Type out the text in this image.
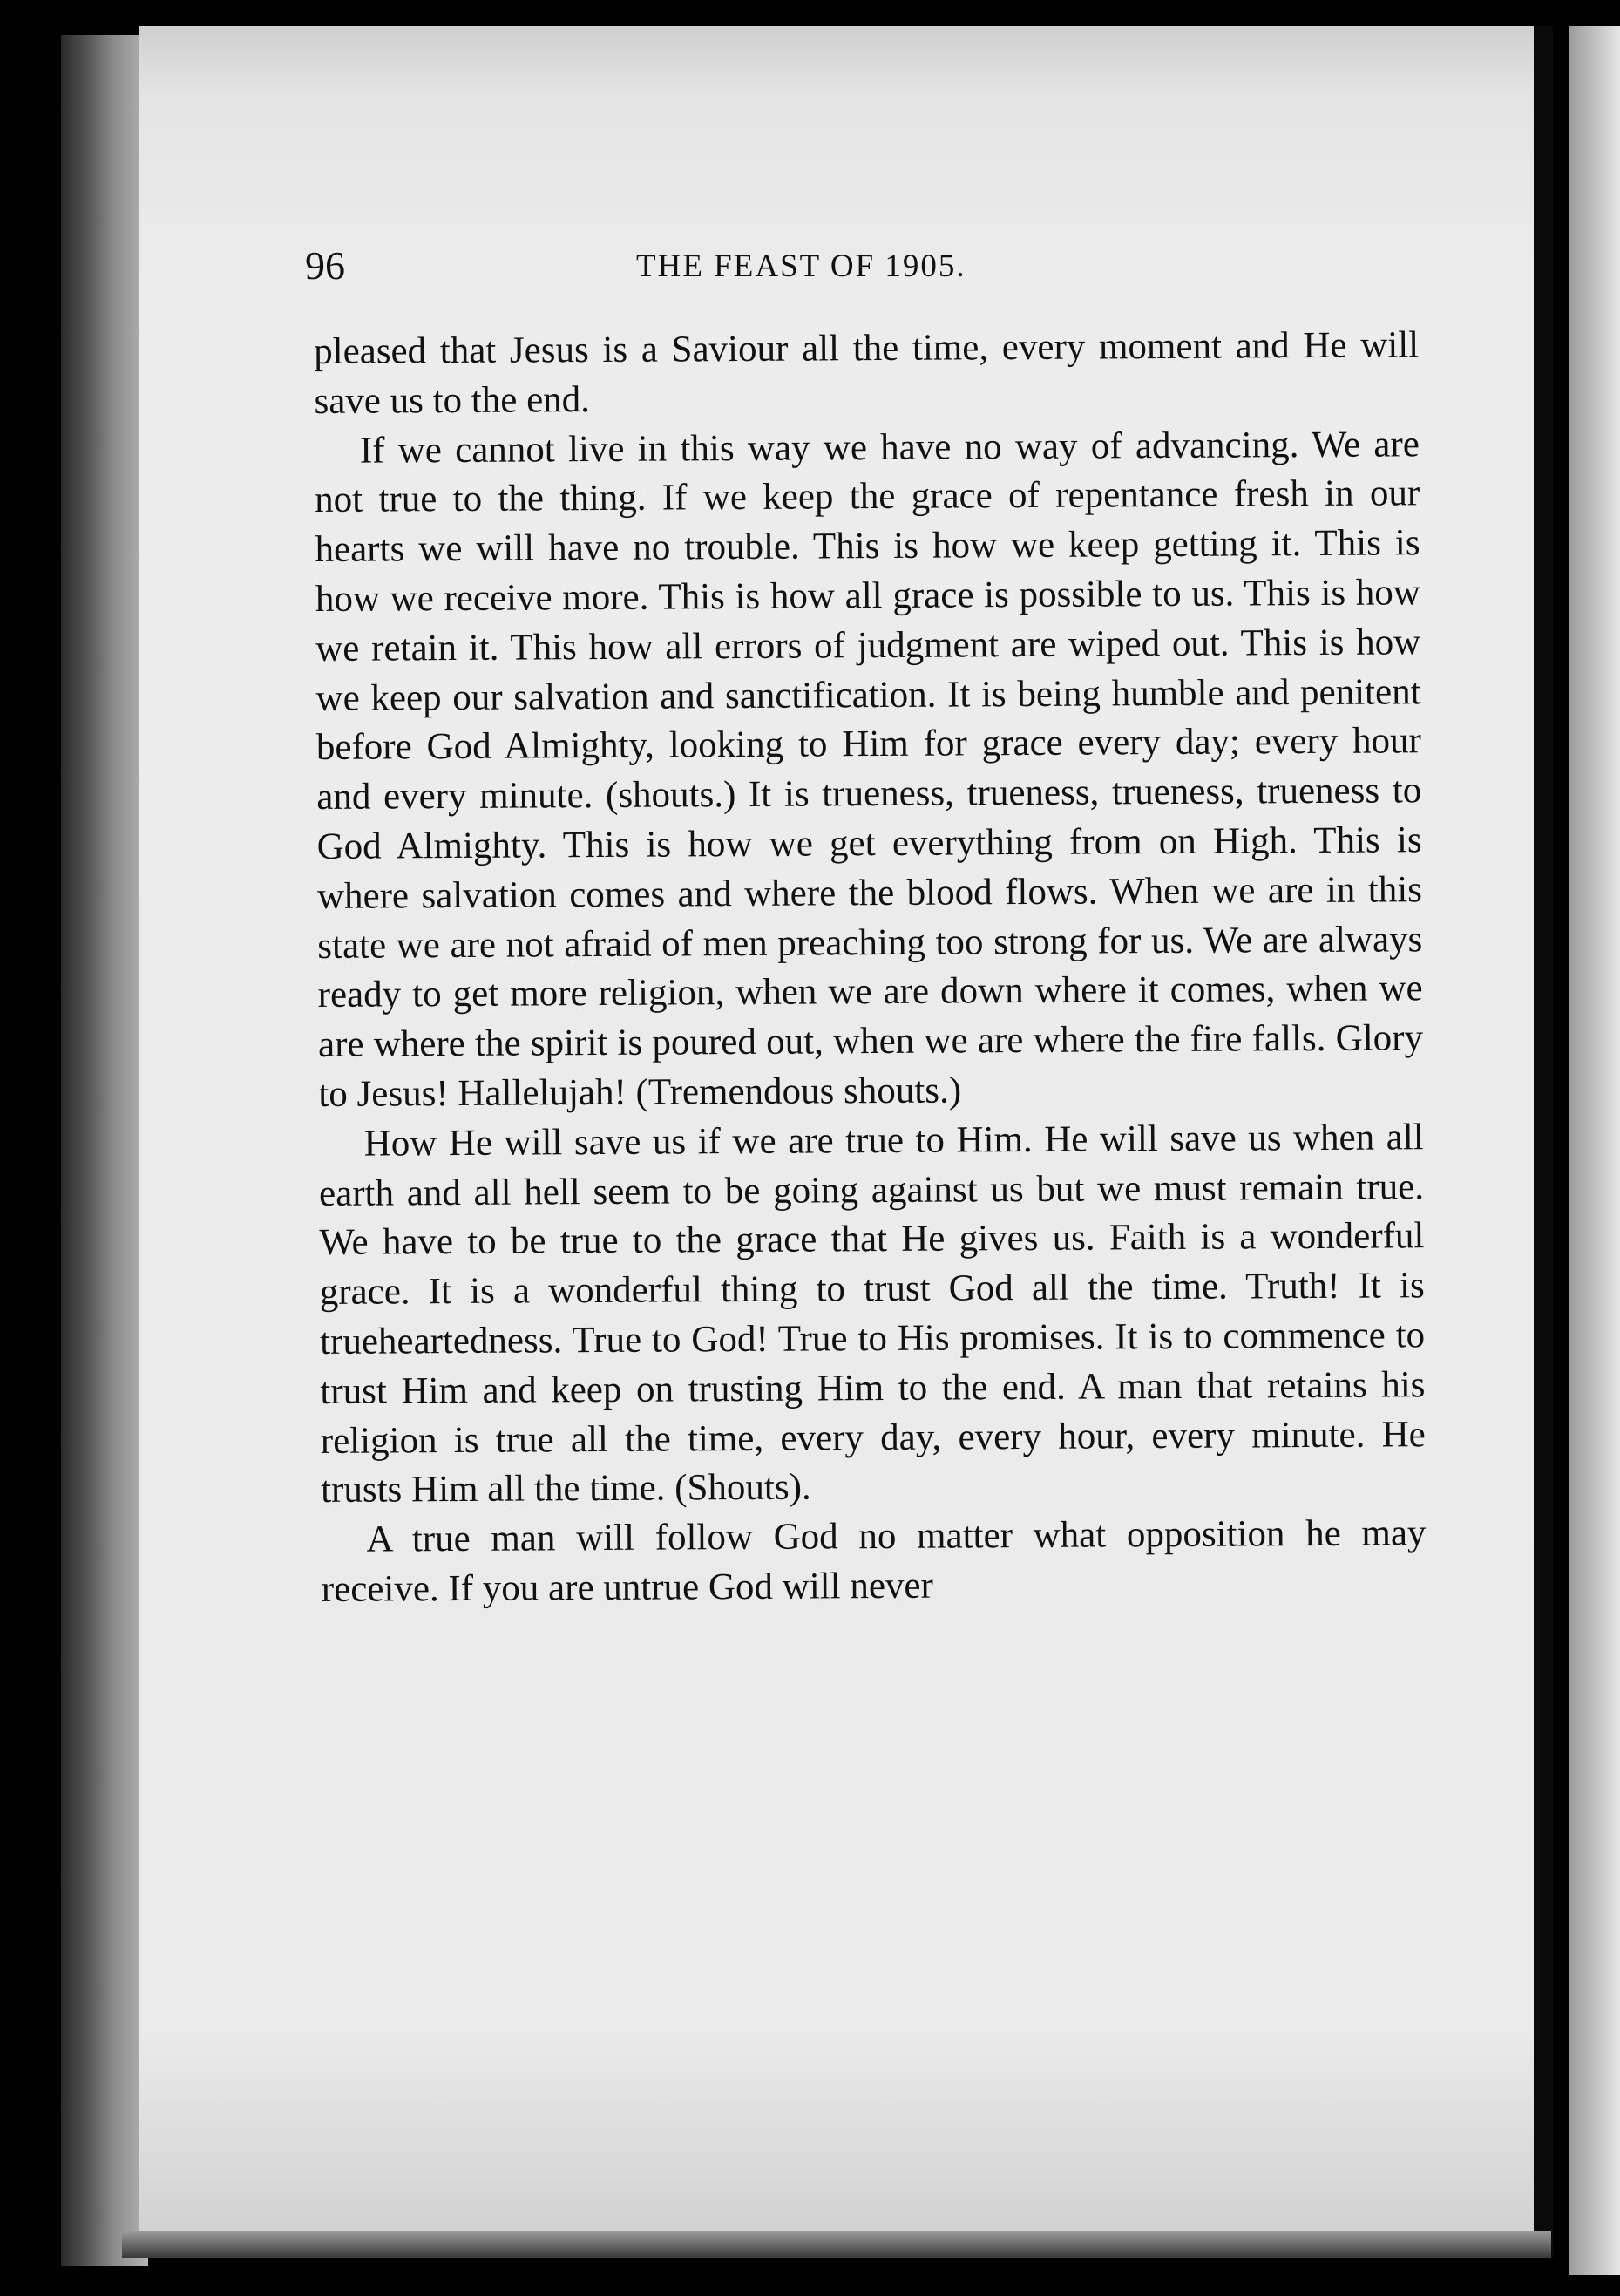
96	THE FEAST OF 1905.

pleased that Jesus is a Saviour all the time, every moment and He will save us to the end.

If we cannot live in this way we have no way of advancing. We are not true to the thing. If we keep the grace of repentance fresh in our hearts we will have no trouble. This is how we keep getting it. This is how we receive more. This is how all grace is possible to us. This is how we retain it. This how all errors of judgment are wiped out. This is how we keep our salvation and sanctification. It is being humble and penitent before God Almighty, looking to Him for grace every day; every hour and every minute. (shouts.) It is trueness, trueness, trueness, trueness to God Almighty. This is how we get everything from on High. This is where salvation comes and where the blood flows. When we are in this state we are not afraid of men preaching too strong for us. We are always ready to get more religion, when we are down where it comes, when we are where the spirit is poured out, when we are where the fire falls. Glory to Jesus! Hallelujah! (Tremendous shouts.)

How He will save us if we are true to Him. He will save us when all earth and all hell seem to be going against us but we must remain true. We have to be true to the grace that He gives us. Faith is a wonderful grace. It is a wonderful thing to trust God all the time. Truth! It is trueheartedness. True to God! True to His promises. It is to commence to trust Him and keep on trusting Him to the end. A man that retains his religion is true all the time, every day, every hour, every minute. He trusts Him all the time. (Shouts).

A true man will follow God no matter what opposition he may receive. If you are untrue God will never
